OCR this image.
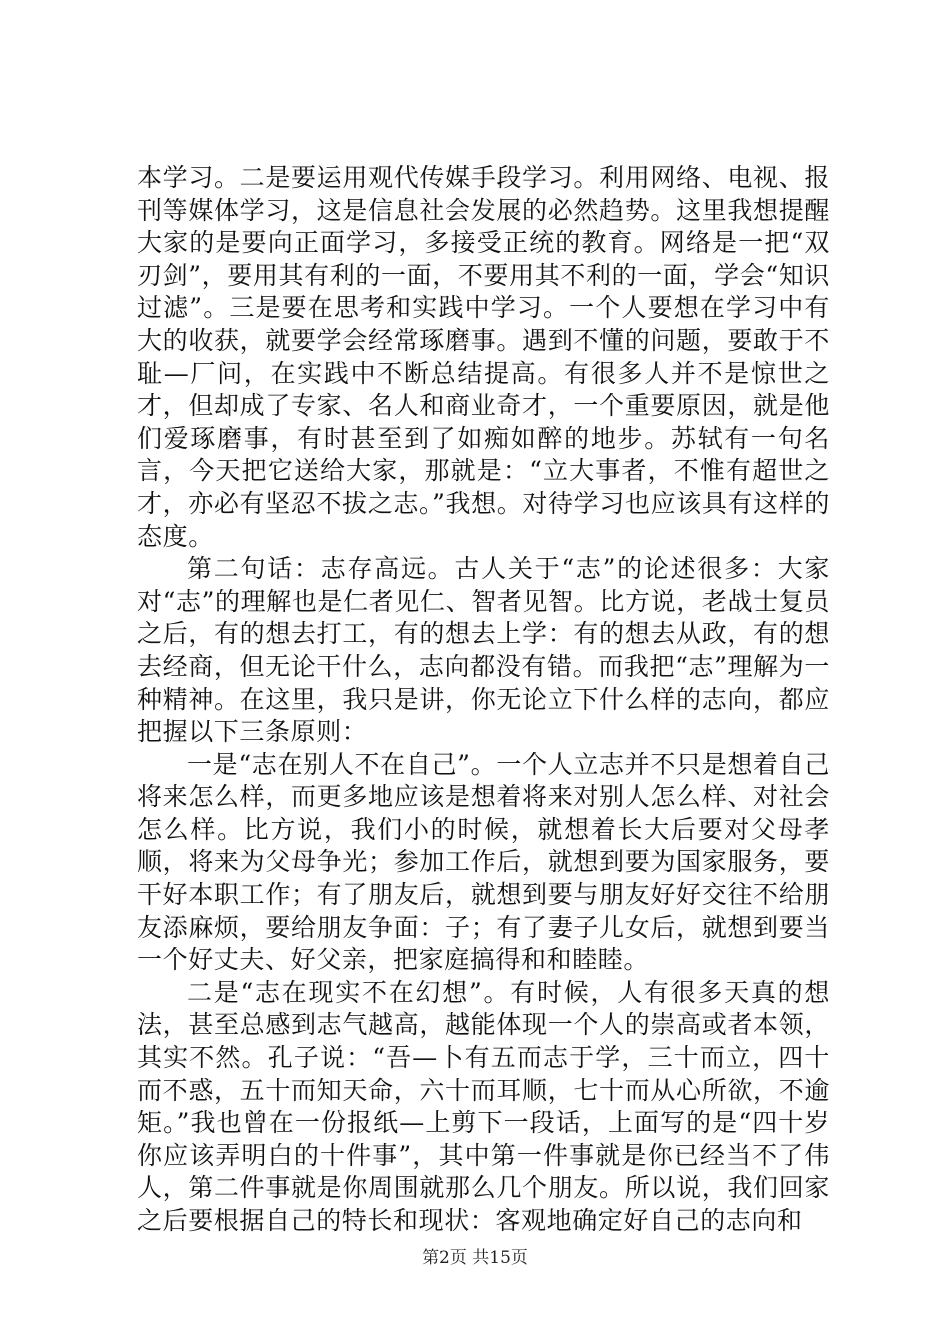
本学习。二是要运用观代传媒手段学习。利用网络、电视、报刊等媒体学习，这是信息社会发展的必然趋势。这里我想提醒大家的是要向正面学习，多接受正统的教育。网络是一把“双刃剑”，要用其有利的一面，不要用其不利的一面，学会“知识过滤”。三是要在思考和实践中学习。一个人要想在学习中有大的收获，就要学会经常琢磨事。遇到不懂的问题，要敢于不耻—厂问，在实践中不断总结提高。有很多人并不是惊世之才，但却成了专家、名人和商业奇才，一个重要原因，就是他们爱琢磨事，有时甚至到了如痴如醉的地步。苏轼有一句名言，今天把它送给大家，那就是：“立大事者，不惟有超世之才，亦必有坚忍不拔之志。”我想。对待学习也应该具有这样的态度。

第二句话：志存高远。古人关于“志”的论述很多：大家对“志”的理解也是仁者见仁、智者见智。比方说，老战士复员之后，有的想去打工，有的想去上学：有的想去从政，有的想去经商，但无论干什么，志向都没有错。而我把“志”理解为一种精神。在这里，我只是讲，你无论立下什么样的志向，都应把握以下三条原则：

一是“志在别人不在自己”。一个人立志并不只是想着自己将来怎么样，而更多地应该是想着将来对别人怎么样、对社会怎么样。比方说，我们小的时候，就想着长大后要对父母孝顺，将来为父母争光；参加工作后，就想到要为国家服务，要干好本职工作；有了朋友后，就想到要与朋友好好交往不给朋友添麻烦，要给朋友争面：子；有了妻子儿女后，就想到要当一个好丈夫、好父亲，把家庭搞得和和睦睦。

二是“志在现实不在幻想”。有时候，人有很多天真的想法，甚至总感到志气越高，越能体现一个人的崇高或者本领，其实不然。孔子说：“吾—卜有五而志于学，三十而立，四十而不惑，五十而知天命，六十而耳顺，七十而从心所欲，不逾矩。”我也曾在一份报纸—上剪下一段话，上面写的是“四十岁你应该弄明白的十件事”，其中第一件事就是你已经当不了伟人，第二件事就是你周围就那么几个朋友。所以说，我们回家之后要根据自己的特长和现状：客观地确定好自己的志向和

第2页 共15页
